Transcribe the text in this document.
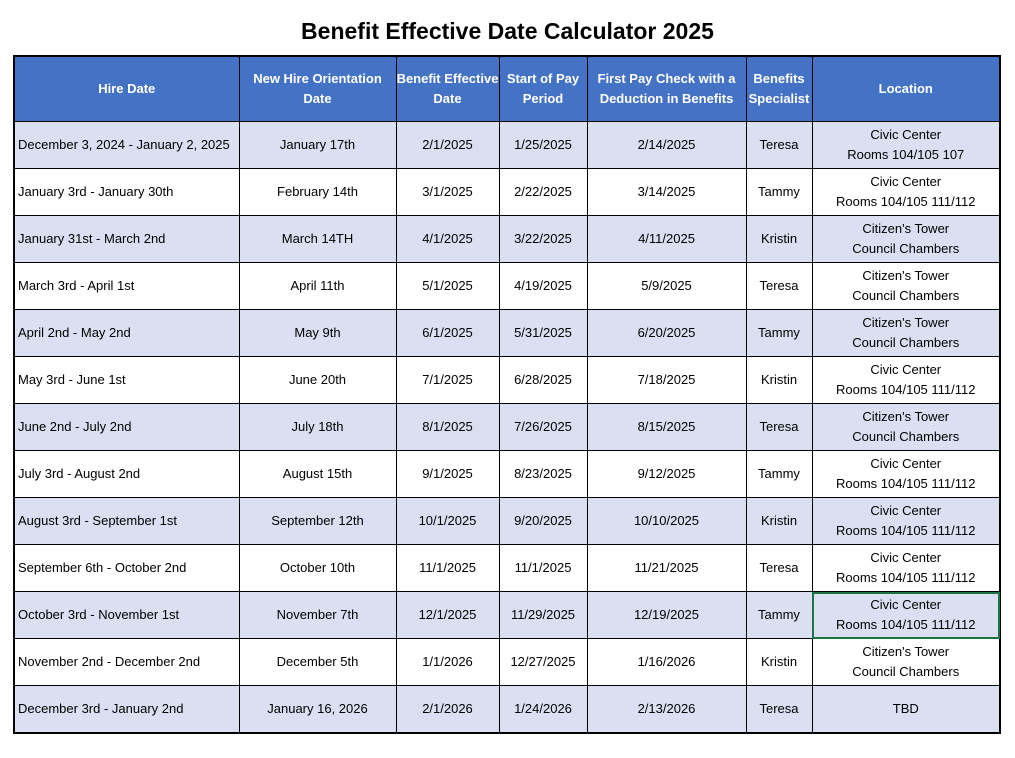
Benefit Effective Date Calculator 2025
Hire Date	New Hire Orientation Date	Benefit Effective Date	Start of Pay Period	First Pay Check with a Deduction in Benefits	Benefits Specialist	Location
December 3, 2024 - January 2, 2025	January 17th	2/1/2025	1/25/2025	2/14/2025	Teresa	Civic Center
Rooms 104/105 107

January 3rd - January 30th	February 14th	3/1/2025	2/22/2025	3/14/2025	Tammy	Civic Center
Rooms 104/105 111/112

January 31st - March 2nd	March 14TH	4/1/2025	3/22/2025	4/11/2025	Kristin	Citizen's Tower
Council Chambers

March 3rd - April 1st	April 11th	5/1/2025	4/19/2025	5/9/2025	Teresa	Citizen's Tower
Council Chambers

April 2nd - May 2nd	May 9th	6/1/2025	5/31/2025	6/20/2025	Tammy	Citizen's Tower
Council Chambers

May 3rd - June 1st	June 20th	7/1/2025	6/28/2025	7/18/2025	Kristin	Civic Center
Rooms 104/105 111/112

June 2nd - July 2nd	July 18th	8/1/2025	7/26/2025	8/15/2025	Teresa	Citizen's Tower
Council Chambers

July 3rd - August 2nd	August 15th	9/1/2025	8/23/2025	9/12/2025	Tammy	Civic Center
Rooms 104/105 111/112

August 3rd - September 1st	September 12th	10/1/2025	9/20/2025	10/10/2025	Kristin	Civic Center
Rooms 104/105 111/112

September 6th - October 2nd	October 10th	11/1/2025	11/1/2025	11/21/2025	Teresa	Civic Center
Rooms 104/105 111/112

October 3rd - November 1st	November 7th	12/1/2025	11/29/2025	12/19/2025	Tammy	Civic Center
Rooms 104/105 111/112

November 2nd - December 2nd	December 5th	1/1/2026	12/27/2025	1/16/2026	Kristin	Citizen's Tower
Council Chambers

December 3rd - January 2nd	January 16, 2026	2/1/2026	1/24/2026	2/13/2026	Teresa	TBD
